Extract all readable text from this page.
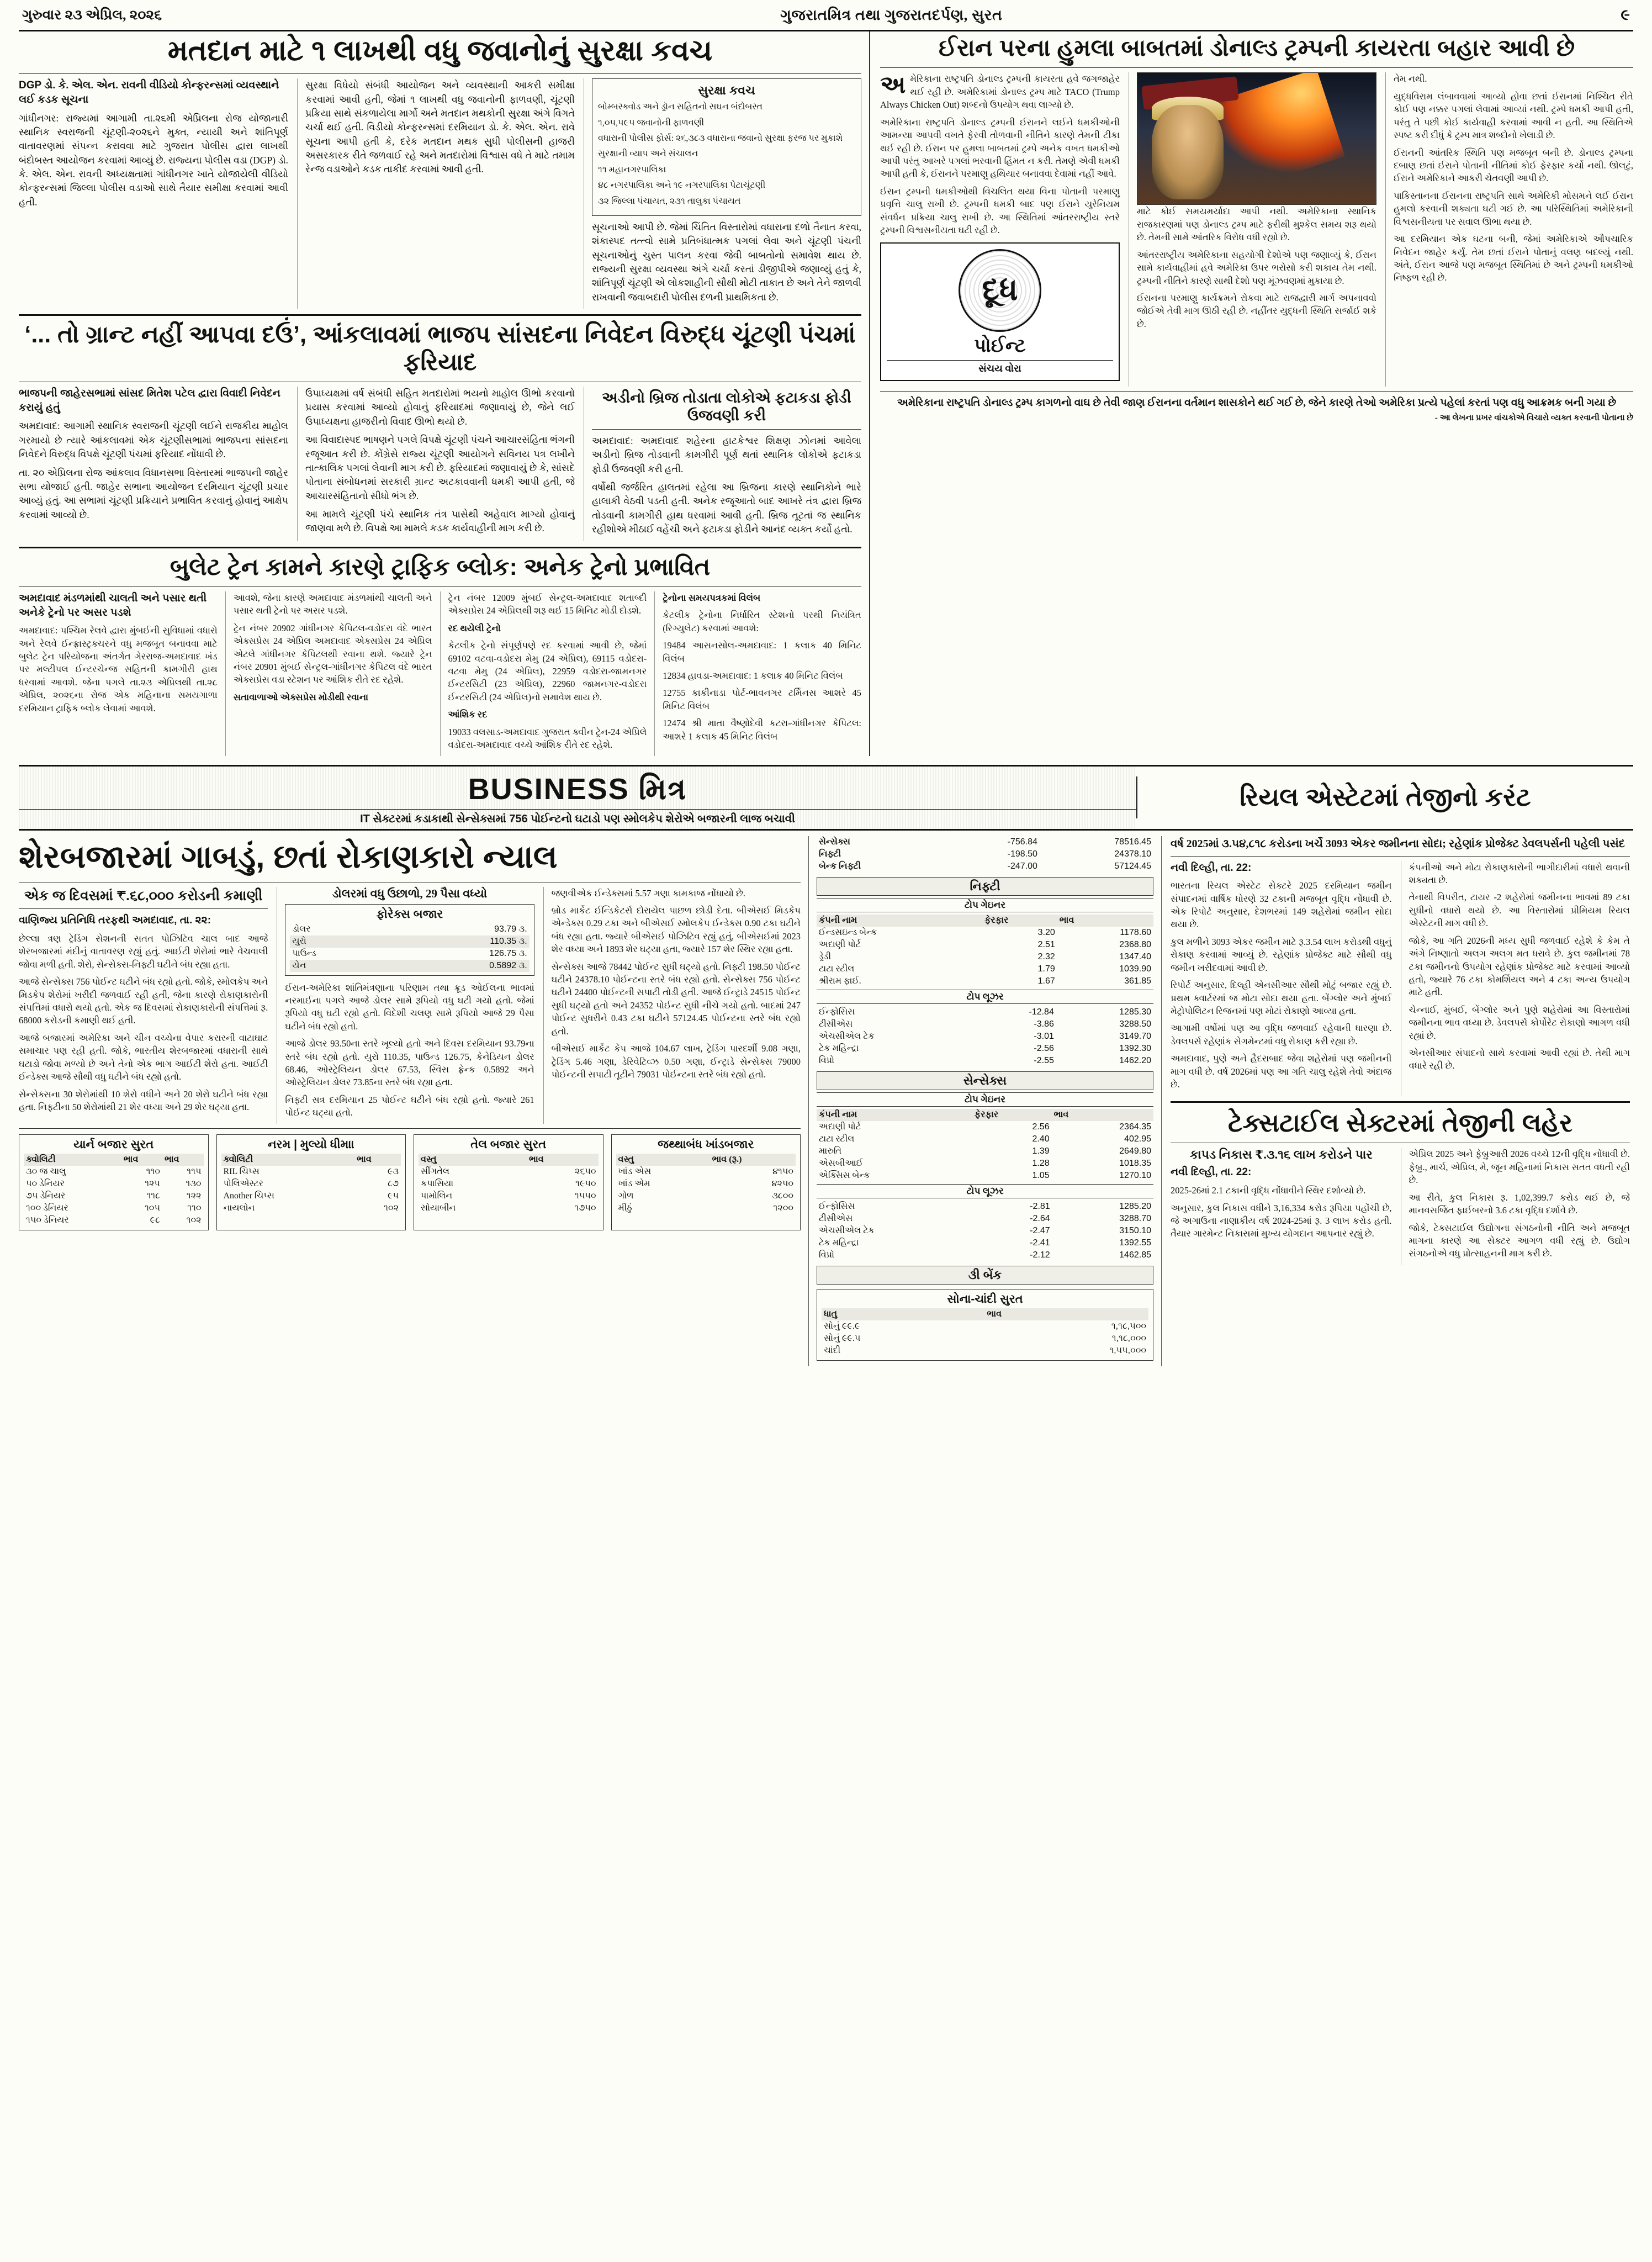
ગુરુવાર ૨૩ એપ્રિલ, ૨૦૨૬	ગુજરાતમિત્ર તથા ગુજરાતદર્પણ, સુરત	૯
મતદાન માટે ૧ લાખથી વધુ જવાનોનું સુરક્ષા કવચ
DGP ડો. કે. એલ. એન. રાવની વીડિયો કોન્ફરન્સમાં વ્યવસ્થાને લઈ કડક સૂચના

ગાંધીનગર: રાજ્યમાં આગામી તા.૨૬મી એપ્રિલના રોજ યોજાનારી સ્થાનિક સ્વરાજની ચૂંટણી-૨૦૨૬ને મુક્ત, ન્યાયી અને શાંતિપૂર્ણ વાતાવરણમાં સંપન્ન કરાવવા માટે ગુજરાત પોલીસ દ્વારા લાખથી બંદોબસ્ત આયોજન કરવામાં આવ્યું છે. રાજ્યના પોલીસ વડા (DGP) ડો. કે. એલ. એન. રાવની અધ્યક્ષતામાં ગાંધીનગર ખાતે યોજાયેલી વીડિયો કોન્ફરન્સમાં જિલ્લા પોલીસ વડાઓ સાથે તૈયાર સમીક્ષા કરવામાં આવી હતી.

સુરક્ષા વિધેયો સંબંધી આયોજન અને વ્યવસ્થાની આકરી સમીક્ષા કરવામાં આવી હતી, જેમાં ૧ લાખથી વધુ જવાનોની ફાળવણી, ચૂંટણી પ્રક્રિયા સાથે સંકળાયેલા માર્ગો અને મતદાન મથકોની સુરક્ષા અંગે વિગતે ચર્ચા થઈ હતી. વિડીયો કોન્ફરન્સમાં દરમિયાન ડો. કે. એલ. એન. રાવે સૂચના આપી હતી કે, દરેક મતદાન મથક સુધી પોલીસની હાજરી અસરકારક રીતે જળવાઈ રહે અને મતદારોમાં વિશ્વાસ વધે તે માટે તમામ રેન્જ વડાઓને કડક તાકીદ કરવામાં આવી હતી.

સુરક્ષા કવચ

બોમ્બસ્ક્વોડ અને ડ્રૉન સહિતનો સઘન બંદોબસ્ત

૧,૦૫,૫૯૫ જવાનોની ફાળવણી

વધારાની પોલીસ ફોર્સ: ૨૬,૩૮૩ વધારાના જવાનો સુરક્ષા ફરજ પર મુકાશે

સુરક્ષાની વ્યાપ અને સંચાલન

૧૧ મહાનગરપાલિકા

૪૮ નગરપાલિકા અને ૧૯ નગરપાલિકા પેટાચૂંટણી

૩૨ જિલ્લા પંચાયત, ૨૩૧ તાલુકા પંચાયત

સૂચનાઓ આપી છે. જેમાં ચિંતિત વિસ્તારોમાં વધારાના દળો તૈનાત કરવા, શંકાસ્પદ તત્ત્વો સામે પ્રતિબંધાત્મક પગલાં લેવા અને ચૂંટણી પંચની સૂચનાઓનું ચુસ્ત પાલન કરવા જેવી બાબતોનો સમાવેશ થાય છે. રાજ્યની સુરક્ષા વ્યવસ્થા અંગે ચર્ચા કરતાં ડીજીપીએ જણાવ્યું હતું કે, શાંતિપૂર્ણ ચૂંટણી એ લોકશાહીની સૌથી મોટી તાકાત છે અને તેને જાળવી રાખવાની જવાબદારી પોલીસ દળની પ્રાથમિકતા છે.

‘... તો ગ્રાન્ટ નહીં આપવા દઉં’, આંકલાવમાં ભાજપ સાંસદના નિવેદન વિરુદ્ધ ચૂંટણી પંચમાં ફરિયાદ
ભાજપની જાહેરસભામાં સાંસદ મિતેશ પટેલ દ્વારા વિવાદી નિવેદન કરાયું હતું

અમદાવાદ: આગામી સ્થાનિક સ્વરાજની ચૂંટણી લઈને રાજકીય માહોલ ગરમાયો છે ત્યારે આંકલાવમાં એક ચૂંટણીસભામાં ભાજપના સાંસદના નિવેદને વિરુદ્ધ વિપક્ષે ચૂંટણી પંચમાં ફરિયાદ નોંધાવી છે.

તા. ૨૦ એપ્રિલના રોજ આંકલાવ વિધાનસભા વિસ્તારમાં ભાજપની જાહેર સભા યોજાઈ હતી. જાહેર સભાના આયોજન દરમિયાન ચૂંટણી પ્રચાર આવ્યું હતું. આ સભામાં ચૂંટણી પ્રક્રિયાને પ્રભાવિત કરવાનું હોવાનું આક્ષેપ કરવામાં આવ્યો છે.

ઉપાધ્યક્ષમાં વર્ષ સંબંધી સહિત મતદારોમાં ભયનો માહોલ ઊભો કરવાનો પ્રયાસ કરવામાં આવ્યો હોવાનું ફરિયાદમાં જણાવાયું છે, જેને લઈ ઉપાધ્યક્ષના હાજરીનો વિવાદ ઊભો થયો છે.

આ વિવાદાસ્પદ ભાષણને પગલે વિપક્ષે ચૂંટણી પંચને આચારસંહિતા ભંગની રજૂઆત કરી છે. કોંગ્રેસે રાજ્ય ચૂંટણી આયોગને સવિનય પત્ર લખીને તાત્કાલિક પગલાં લેવાની માગ કરી છે. ફરિયાદમાં જણાવાયું છે કે, સાંસદે પોતાના સંબોધનમાં સરકારી ગ્રાન્ટ અટકાવવાની ધમકી આપી હતી, જે આચારસંહિતાનો સીધો ભંગ છે.

આ મામલે ચૂંટણી પંચે સ્થાનિક તંત્ર પાસેથી અહેવાલ માગ્યો હોવાનું જાણવા મળે છે. વિપક્ષે આ મામલે કડક કાર્યવાહીની માગ કરી છે.

અડીનો બ્રિજ તોડાતા લોકોએ ફટાકડા ફોડી ઉજવણી કરી

અમદાવાદ: અમદાવાદ શહેરના હાટકેશ્વર શિક્ષણ ઝોનમાં આવેલા અડીનો બ્રિજ તોડવાની કામગીરી પૂર્ણ થતાં સ્થાનિક લોકોએ ફટાકડા ફોડી ઉજવણી કરી હતી.

વર્ષોથી જર્જરિત હાલતમાં રહેલા આ બ્રિજના કારણે સ્થાનિકોને ભારે હાલાકી વેઠવી પડતી હતી. અનેક રજૂઆતો બાદ આખરે તંત્ર દ્વારા બ્રિજ તોડવાની કામગીરી હાથ ધરવામાં આવી હતી. બ્રિજ તૂટતાં જ સ્થાનિક રહીશોએ મીઠાઈ વહેંચી અને ફટાકડા ફોડીને આનંદ વ્યક્ત કર્યો હતો.

બુલેટ ટ્રેન કામને કારણે ટ્રાફિક બ્લોક: અનેક ટ્રેનો પ્રભાવિત
અમદાવાદ મંડળમાંથી ચાલતી અને પસાર થતી અનેકે ટ્રેનો પર અસર પડશે

અમદાવાદ: પશ્ચિમ રેલવે દ્વારા મુંબઈની સુવિધામાં વધારો અને રેલવે ઈન્ફ્રાસ્ટ્રક્ચરને વધુ મજબૂત બનાવવા માટે બુલેટ ટ્રેન પરિયોજના અંતર્ગત ગેરરાજ-અમદાવાદ ખંડ પર મલ્ટીપલ ઈન્ટરચેન્જ સહિતની કામગીરી હાથ ધરવામાં આવશે. જેના પગલે તા.૨૩ એપ્રિલથી તા.૨૮ એપ્રિલ, ૨૦૨૬ના રોજ એક મહિનાના સમયગાળા દરમિયાન ટ્રાફિક બ્લોક લેવામાં આવશે.

આવશે, જેના કારણે અમદાવાદ મંડળમાંથી ચાલતી અને પસાર થતી ટ્રેનો પર અસર પડશે.

ટ્રેન નંબર 20902 ગાંધીનગર કેપિટલ-વડોદરા વંદે ભારત એક્સપ્રેસ 24 એપ્રિલ અમદાવાદ એક્સપ્રેસ 24 એપ્રિલ એટલે ગાંધીનગર કેપિટલથી રવાના થશે. જ્યારે ટ્રેન નંબર 20901 મુંબઈ સેન્ટ્રલ-ગાંધીનગર કેપિટલ વંદે ભારત એક્સપ્રેસ વડા સ્ટેશન પર આંશિક રીતે રદ રહેશે.

સતાવાળાઓ એક્સપ્રેસ મોડીથી રવાના

ટ્રેન નંબર 12009 મુંબઈ સેન્ટ્રલ-અમદાવાદ શતાબ્દી એક્સપ્રેસ 24 એપ્રિલથી શરૂ થઈ 15 મિનિટ મોડી દોડશે.

રદ થયેલી ટ્રેનો

કેટલીક ટ્રેનો સંપૂર્ણપણે રદ કરવામાં આવી છે, જેમાં 69102 વટવા-વડોદરા મેમુ (24 એપ્રિલ), 69115 વડોદરા-વટવા મેમુ (24 એપ્રિલ), 22959 વડોદરા-જામનગર ઈન્ટરસિટી (23 એપ્રિલ), 22960 જામનગર-વડોદરા ઈન્ટરસિટી (24 એપ્રિલ)નો સમાવેશ થાય છે.

આંશિક રદ

19033 વલસાડ-અમદાવાદ ગુજરાત ક્વીન ટ્રેન-24 એપ્રિલે વડોદરા-અમદાવાદ વચ્ચે આંશિક રીતે રદ રહેશે.

ટ્રેનોના સમયપત્રકમાં વિલંબ

કેટલીક ટ્રેનોના નિર્ધારિત સ્ટેશનો પરથી નિયંત્રિત (રિગ્યુલેટ) કરવામાં આવશે:

19484 આસનસોલ-અમદાવાદ: 1 કલાક 40 મિનિટ વિલંબ

12834 હાવડા-અમદાવાદ: 1 કલાક 40 મિનિટ વિલંબ

12755 કાકીનાડા પોર્ટ-ભાવનગર ટર્મિનસ આશરે 45 મિનિટ વિલંબ

12474 શ્રી માતા વૈષ્ણોદેવી કટરા-ગાંધીનગર કેપિટલ: આશરે 1 કલાક 45 મિનિટ વિલંબ

ઈરાન પરના હુમલા બાબતમાં ડોનાલ્ડ ટ્રમ્પની કાયરતા બહાર આવી છે

અ મેરિકાના રાષ્ટ્રપતિ ડોનાલ્ડ ટ્રમ્પની કાયરતા હવે જગજાહેર થઈ રહી છે. અમેરિકામાં ડોનાલ્ડ ટ્રમ્પ માટે TACO (Trump Always Chicken Out) શબ્દનો ઉપયોગ થવા લાગ્યો છે.

અમેરિકાના રાષ્ટ્રપતિ ડોનાલ્ડ ટ્રમ્પની ઈરાનને લઈને ધમકીઓની આમન્યા આપવી વખતે ફેરવી તોળવાની નીતિને કારણે તેમની ટીકા થઈ રહી છે. ઈરાન પર હુમલા બાબતમાં ટ્રમ્પે અનેક વખત ધમકીઓ આપી પરંતુ આખરે પગલાં ભરવાની હિંમત ન કરી. તેમણે એવી ધમકી આપી હતી કે, ઈરાનને પરમાણુ હથિયાર બનાવવા દેવામાં નહીં આવે.

ઈરાન ટ્રમ્પની ધમકીઓથી વિચલિત થયા વિના પોતાની પરમાણુ પ્રવૃત્તિ ચાલુ રાખી છે. ટ્રમ્પની ધમકી બાદ પણ ઈરાને યુરેનિયમ સંવર્ધન પ્રક્રિયા ચાલુ રાખી છે. આ સ્થિતિમાં આંતરરાષ્ટ્રીય સ્તરે ટ્રમ્પની વિશ્વસનીયતા ઘટી રહી છે.

દૂધ
પોઈન્ટ
સંચય વોરા

માટે કોઈ સમયમર્યાદા આપી નથી. અમેરિકાના સ્થાનિક રાજકારણમાં પણ ડોનાલ્ડ ટ્રમ્પ માટે ફરીથી મુશ્કેલ સમય શરૂ થયો છે. તેમની સામે આંતરિક વિરોધ વધી રહ્યો છે.

આંતરરાષ્ટ્રીય અમેરિકાના સહયોગી દેશોએ પણ જણાવ્યું કે, ઈરાન સામે કાર્યવાહીમાં હવે અમેરિકા ઉપર ભરોસો કરી શકાય તેમ નથી. ટ્રમ્પની નીતિને કારણે સાથી દેશો પણ મૂંઝવણમાં મુકાયા છે.

ઈરાનના પરમાણુ કાર્યક્રમને રોકવા માટે રાજદ્વારી માર્ગ અપનાવવો જોઈએ તેવી માગ ઊઠી રહી છે. નહીંતર યુદ્ધની સ્થિતિ સર્જાઈ શકે છે.

તેમ નથી.

યુદ્ધવિરામ લંબાવવામાં આવ્યો હોવા છતાં ઈરાનમાં નિશ્ચિત રીતે કોઈ પણ નક્કર પગલાં લેવામાં આવ્યાં નથી. ટ્રમ્પે ધમકી આપી હતી, પરંતુ તે પછી કોઈ કાર્યવાહી કરવામાં આવી ન હતી. આ સ્થિતિએ સ્પષ્ટ કરી દીધું કે ટ્રમ્પ માત્ર શબ્દોનો ખેલાડી છે.

ઈરાનની આંતરિક સ્થિતિ પણ મજબૂત બની છે. ડોનાલ્ડ ટ્રમ્પના દબાણ છતાં ઈરાને પોતાની નીતિમાં કોઈ ફેરફાર કર્યો નથી. ઊલટું, ઈરાને અમેરિકાને આકરી ચેતવણી આપી છે.

પાકિસ્તાનના ઈરાનના રાષ્ટ્રપતિ સાથે અમેરિકી મોસમને લઈ ઈરાન હુમલો કરવાની શક્યતા ઘટી ગઈ છે. આ પરિસ્થિતિમાં અમેરિકાની વિશ્વસનીયતા પર સવાલ ઊભા થયા છે.

આ દરમિયાન એક ઘટના બની, જેમાં અમેરિકાએ ઔપચારિક નિવેદન જાહેર કર્યું. તેમ છતાં ઈરાને પોતાનું વલણ બદલ્યું નથી. અંતે, ઈરાન આજે પણ મજબૂત સ્થિતિમાં છે અને ટ્રમ્પની ધમકીઓ નિષ્ફળ રહી છે.

અમેરિકાના રાષ્ટ્રપતિ ડોનાલ્ડ ટ્રમ્પ કાગળનો વાઘ છે તેવી જાણ ઈરાનના વર્તમાન શાસકોને થઈ ગઈ છે, જેને કારણે તેઓ અમેરિકા પ્રત્યે પહેલાં કરતાં પણ વધુ આક્રમક બની ગયા છે
- આ લેખના પ્રખર વાંચકોએ વિચારો વ્યક્ત કરવાની પોતાના છે
BUSINESS મિત્ર
IT સેક્ટરમાં કડાકાથી સેન્સેક્સમાં 756 પોઈન્ટનો ઘટાડો પણ સ્મોલકેપ શેરોએ બજારની લાજ બચાવી
રિયલ એસ્ટેટમાં તેજીનો કરંટ
શેરબજારમાં ગાબડું, છતાં રોકાણકારો ન્યાલ
એક જ દિવસમાં ₹.૬૮,૦૦૦ કરોડની કમાણી
વાણિજ્ય પ્રતિનિધિ તરફથી અમદાવાદ, તા. ૨૨:

છેલ્લા ત્રણ ટ્રેડિંગ સેશનની સતત પોઝિટિવ ચાલ બાદ આજે શેરબજારમાં મંદીનું વાતાવરણ રહ્યું હતું. આઈટી શેરોમાં ભારે વેચવાલી જોવા મળી હતી. શેરો, સેન્સેક્સ-નિફ્ટી ઘટીને બંધ રહ્યા હતા.

આજે સેન્સેક્સ 756 પોઈન્ટ ઘટીને બંધ રહ્યો હતો. જોકે, સ્મોલકેપ અને મિડકેપ શેરોમાં ખરીદી જળવાઈ રહી હતી, જેના કારણે રોકાણકારોની સંપત્તિમાં વધારો થયો હતો. એક જ દિવસમાં રોકાણકારોની સંપત્તિમાં રૂ. 68000 કરોડની કમાણી થઈ હતી.

આજે બજારમાં અમેરિકા અને ચીન વચ્ચેના વેપાર કરારની વાટાઘાટ સમાચાર પણ રહી હતી. જોકે, ભારતીય શેરબજારમાં વધારાની સાથે ઘટાડો જોવા મળ્યો છે અને તેનો એક ભાગ આઈટી શેરો હતા. આઈટી ઈન્ડેક્સ આજે સૌથી વધુ ઘટીને બંધ રહ્યો હતો.

સેન્સેક્સના 30 શેરોમાંથી 10 શેરો વધીને અને 20 શેરો ઘટીને બંધ રહ્યા હતા. નિફ્ટીના 50 શેરોમાંથી 21 શેર વધ્યા અને 29 શેર ઘટ્યા હતા.

ડોલરમાં વધુ ઉછાળો, 29 પૈસા વધ્યો
ફોરેક્સ બજાર
ડોલર	93.79 ૩.
યુરો	110.35 ૩.
પાઉન્ડ	126.75 ૩.
યેન	0.5892 ૩.

ઈરાન-અમેરિકા શાંતિમંત્રણાના પરિણામ તથા ક્રૂડ ઓઈલના ભાવમાં નરમાઈના પગલે આજે ડોલર સામે રૂપિયો વધુ ઘટી ગયો હતો. જેમાં રૂપિયો વધુ ઘટી રહ્યો હતો. વિદેશી ચલણ સામે રૂપિયો આજે 29 પૈસા ઘટીને બંધ રહ્યો હતો.

આજે ડોલર 93.50ના સ્તરે ખૂલ્યો હતો અને દિવસ દરમિયાન 93.79ના સ્તરે બંધ રહ્યો હતો. યુરો 110.35, પાઉન્ડ 126.75, કેનેડિયન ડોલર 68.46, ઓસ્ટ્રેલિયન ડોલર 67.53, સ્વિસ ફ્રેન્ક 0.5892 અને ઓસ્ટ્રેલિયન ડોલર 73.85ના સ્તરે બંધ રહ્યા હતા.

નિફ્ટી સત્ર દરમિયાન 25 પોઈન્ટ ઘટીને બંધ રહ્યો હતો. જ્યારે 261 પોઈન્ટ ઘટ્યા હતો.

જણવીએક ઈન્ડેક્સમાં 5.57 ગણા કામકાજ નોંધાયો છે.

બ્રોડ માર્કેટ ઈન્ડિકેટર્સ દોરાયેલ પાછળ છોડી દેતા. બીએસઈ મિડકેપ એન્ડેક્સ 0.29 ટકા અને બીએસઈ સ્મોલકેપ ઈન્ડેક્સ 0.90 ટકા ઘટીને બંધ રહ્યા હતા. જ્યારે બીએસઈ પોઝિટિવ રહ્યું હતું, બીએસઈમાં 2023 શેર વધ્યા અને 1893 શેર ઘટ્યા હતા, જ્યારે 157 શેર સ્થિર રહ્યા હતા.

સેન્સેક્સ આજે 78442 પોઈન્ટ સુધી ઘટ્યો હતો. નિફ્ટી 198.50 પોઈન્ટ ઘટીને 24378.10 પોઈન્ટના સ્તરે બંધ રહ્યો હતો. સેન્સેક્સ 756 પોઈન્ટ ઘટીને 24400 પોઈન્ટની સપાટી તોડી હતી. આજે ઈન્ટ્રાડે 24515 પોઈન્ટ સુધી ઘટ્યો હતો અને 24352 પોઈન્ટ સુધી નીચે ગયો હતો. બાદમાં 247 પોઈન્ટ સુધરીને 0.43 ટકા ઘટીને 57124.45 પોઈન્ટના સ્તરે બંધ રહ્યો હતો.

બીએસઈ માર્કેટ કેપ આજે 104.67 લાખ, ટ્રેડિંગ પારદર્શી 9.08 ગણા, ટ્રેડિંગ 5.46 ગણા, ડેરિવેટિવ્ઝ 0.50 ગણા, ઈન્ટ્રાડે સેન્સેક્સ 79000 પોઈન્ટની સપાટી તૂટીને 79031 પોઈન્ટના સ્તરે બંધ રહ્યો હતો.

યાર્ન બજાર સુરત
ક્વોલિટી	ભાવ	ભાવ
૩૦ જ ચાલુ	૧૧૦	૧૧૫
૫૦ ડેનિયર	૧૨૫	૧૩૦
૭૫ ડેનિયર	૧૧૮	૧૨૨
૧૦૦ ડેનિયર	૧૦૫	૧૧૦
૧૫૦ ડેનિયર	૯૮	૧૦૨
નરમ | મુલ્યો ધીમાા
ક્વોલિટી	ભાવ
RIL ચિપ્સ	૯૩
પોલિએસ્ટર	૮૭
Another ચિપ્સ	૯૫
નાયલોન	૧૦૨
તેલ બજાર સુરત
વસ્તુ	ભાવ
સીંગતેલ	૨૬૫૦
કપાસિયા	૧૯૫૦
પામોલિન	૧૫૫૦
સોયાબીન	૧૭૫૦
જથ્થાબંધ ખાંડબજાર
વસ્તુ	ભાવ (રૂ.)
ખાંડ એસ	૪૧૫૦
ખાંડ એમ	૪૨૫૦
ગોળ	૩૮૦૦
મીઠું	૧૨૦૦
સેન્સેક્સ	-756.84	78516.45
નિફ્ટી	-198.50	24378.10
બેન્ક નિફ્ટી	-247.00	57124.45
નિફ્ટી
ટોપ ગેઇનર
કંપની નામ	ફેરફાર	ભાવ
ઈન્ડસઇન્ડ બેન્ક	3.20	1178.60
અદાણી પોર્ટ	2.51	2368.80
ડ્રેડી	2.32	1347.40
ટાટા સ્ટીલ	1.79	1039.90
શ્રીરામ ફાઈ.	1.67	361.85
ટોપ લૂઝર
ઈન્ફોસિસ	-12.84	1285.30
ટીસીએસ	-3.86	3288.50
એચસીએલ ટેક	-3.01	3149.70
ટેક મહિન્દ્રા	-2.56	1392.30
વિપ્રો	-2.55	1462.20
સેન્સેક્સ
ટોપ ગેઇનર
કંપની નામ	ફેરફાર	ભાવ
અદાણી પોર્ટ	2.56	2364.35
ટાટા સ્ટીલ	2.40	402.95
મારુતિ	1.39	2649.80
એસબીઆઈ	1.28	1018.35
એક્સિસ બેન્ક	1.05	1270.10
ટોપ લૂઝર
ઈન્ફોસિસ	-2.81	1285.20
ટીસીએસ	-2.64	3288.70
એચસીએલ ટેક	-2.47	3150.10
ટેક મહિન્દ્રા	-2.41	1392.55
વિપ્રો	-2.12	1462.85
૩ી બેંક
સોના-ચાંદી સુરત
ધાતુ	ભાવ
સોનું ૯૯.૯	૧,૧૮,૫૦૦
સોનું ૯૯.૫	૧,૧૮,૦૦૦
ચાંદી	૧,૫૫,૦૦૦
વર્ષ 2025માં ૩.૫૪,૮૧૮ કરોડના ખર્ચે 3093 એકર જમીનના સોદા; રહેણાંક પ્રોજેક્ટ ડેવલપર્સની પહેલી પસંદ
નવી દિલ્હી, તા. 22:

ભારતના રિયલ એસ્ટેટ સેક્ટરે 2025 દરમિયાન જમીન સંપાદનમાં વાર્ષિક ધોરણે 32 ટકાની મજબૂત વૃદ્ધિ નોંધાવી છે. એક રિપોર્ટ અનુસાર, દેશભરમાં 149 શહેરોમાં જમીન સોદા થયા છે.

કુલ મળીને 3093 એકર જમીન માટે રૂ.3.54 લાખ કરોડથી વધુનું રોકાણ કરવામાં આવ્યું છે. રહેણાંક પ્રોજેક્ટ માટે સૌથી વધુ જમીન ખરીદવામાં આવી છે.

રિપોર્ટ અનુસાર, દિલ્હી એનસીઆર સૌથી મોટું બજાર રહ્યું છે. પ્રથમ ક્વાર્ટરમાં જ મોટા સોદા થયા હતા. બેંગ્લોર અને મુંબઈ મેટ્રોપોલિટન રિજનમાં પણ મોટાં રોકાણો આવ્યા હતા.

આગામી વર્ષોમાં પણ આ વૃદ્ધિ જળવાઈ રહેવાની ધારણા છે. ડેવલપર્સ રહેણાંક સેગમેન્ટમાં વધુ રોકાણ કરી રહ્યા છે.

અમદાવાદ, પુણે અને હૈદરાબાદ જેવા શહેરોમાં પણ જમીનની માગ વધી છે. વર્ષ 2026માં પણ આ ગતિ ચાલુ રહેશે તેવો અંદાજ છે.

કંપનીઓ અને મોટા રોકાણકારોની ભાગીદારીમાં વધારો થવાની શક્યતા છે.

તેનાથી વિપરીત, ટાયર -2 શહેરોમાં જમીનના ભાવમાં 89 ટકા સુધીનો વધારો થયો છે. આ વિસ્તારોમાં પ્રીમિયમ રિયલ એસ્ટેટની માગ વધી છે.

જોકે, આ ગતિ 2026ની મધ્ય સુધી જળવાઈ રહેશે કે કેમ તે અંગે નિષ્ણાતો અલગ અલગ મત ધરાવે છે. કુલ જમીનમાં 78 ટકા જમીનનો ઉપયોગ રહેણાંક પ્રોજેક્ટ માટે કરવામાં આવ્યો હતો, જ્યારે 76 ટકા કોમર્શિયલ અને 4 ટકા અન્ય ઉપયોગ માટે હતી.

ચેન્નાઈ, મુંબઈ, બેંગ્લોર અને પુણે શહેરોમાં આ વિસ્તારોમાં જમીનના ભાવ વધ્યા છે. ડેવલપર્સ કોર્પોરેટ રોકાણો આગળ વધી રહ્યાં છે.

એનસીઆર સંપાદનો સાથે કરવામાં આવી રહ્યાં છે. તેથી માગ વધારે રહી છે.

ટેક્સટાઈલ સેક્ટરમાં તેજીની લહેર
કાપડ નિકાસ ₹.૩.૧૬ લાખ કરોડને પાર
નવી દિલ્હી, તા. 22:

2025-26માં 2.1 ટકાની વૃદ્ધિ નોંધાવીને સ્થિર દર્શાવ્યો છે.

અનુસાર, કુલ નિકાસ વધીને 3,16,334 કરોડ રૂપિયા પહોંચી છે, જે અગાઉના નાણાકીય વર્ષ 2024-25માં રૂ. 3 લાખ કરોડ હતી. તૈયાર ગારમેન્ટ નિકાસમાં મુખ્ય યોગદાન આપનાર રહ્યું છે.

એપ્રિલ 2025 અને ફેબ્રુઆરી 2026 વચ્ચે 12ની વૃદ્ધિ નોંધાવી છે. ફેબ્રુ., માર્ચ, એપ્રિલ, મે, જૂન મહિનામાં નિકાસ સતત વધતી રહી છે.

આ રીતે, કુલ નિકાસ રૂ. 1,02,399.7 કરોડ થઈ છે, જે માનવસર્જિત ફાઈબરનો 3.6 ટકા વૃદ્ધિ દર્શાવે છે.

જોકે, ટેક્સટાઈલ ઉદ્યોગના સંગઠનોની નીતિ અને મજબૂત માગના કારણે આ સેક્ટર આગળ વધી રહ્યું છે. ઉદ્યોગ સંગઠનોએ વધુ પ્રોત્સાહનની માગ કરી છે.
